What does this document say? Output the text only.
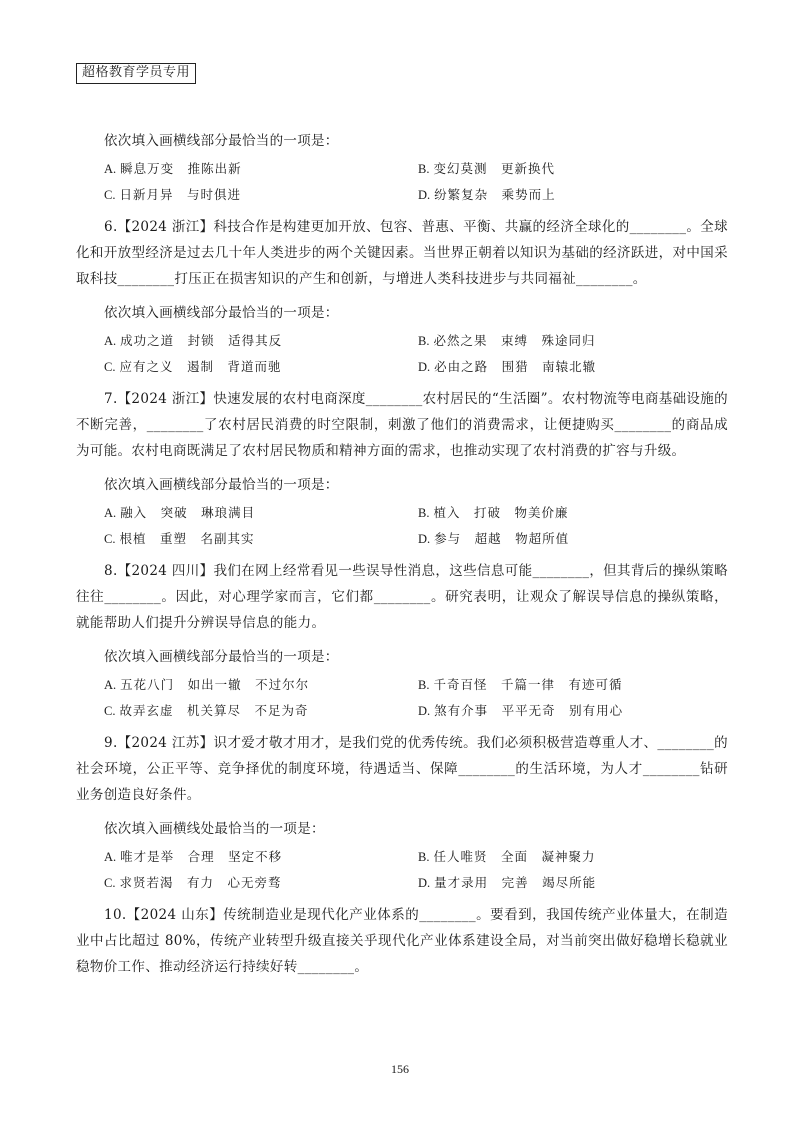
超格教育学员专用
依次填入画横线部分最恰当的一项是：
A. 瞬息万变　推陈出新	B. 变幻莫测　更新换代
C. 日新月异　与时俱进	D. 纷繁复杂　乘势而上

6.【2024 浙江】科技合作是构建更加开放、包容、普惠、平衡、共赢的经济全球化的________。全球化和开放型经济是过去几十年人类进步的两个关键因素。当世界正朝着以知识为基础的经济跃进，对中国采取科技________打压正在损害知识的产生和创新，与增进人类科技进步与共同福祉________。

依次填入画横线部分最恰当的一项是：
A. 成功之道　封锁　适得其反	B. 必然之果　束缚　殊途同归
C. 应有之义　遏制　背道而驰	D. 必由之路　围猎　南辕北辙

7.【2024 浙江】快速发展的农村电商深度________农村居民的“生活圈”。农村物流等电商基础设施的不断完善，________了农村居民消费的时空限制，刺激了他们的消费需求，让便捷购买________的商品成为可能。农村电商既满足了农村居民物质和精神方面的需求，也推动实现了农村消费的扩容与升级。

依次填入画横线部分最恰当的一项是：
A. 融入　突破　琳琅满目	B. 植入　打破　物美价廉
C. 根植　重塑　名副其实	D. 参与　超越　物超所值

8.【2024 四川】我们在网上经常看见一些误导性消息，这些信息可能________，但其背后的操纵策略往往________。因此，对心理学家而言，它们都________。研究表明，让观众了解误导信息的操纵策略，就能帮助人们提升分辨误导信息的能力。

依次填入画横线部分最恰当的一项是：
A. 五花八门　如出一辙　不过尔尔	B. 千奇百怪　千篇一律　有迹可循
C. 故弄玄虚　机关算尽　不足为奇	D. 煞有介事　平平无奇　别有用心

9.【2024 江苏】识才爱才敬才用才，是我们党的优秀传统。我们必须积极营造尊重人才、________的社会环境，公正平等、竞争择优的制度环境，待遇适当、保障________的生活环境，为人才________钻研业务创造良好条件。

依次填入画横线处最恰当的一项是：
A. 唯才是举　合理　坚定不移	B. 任人唯贤　全面　凝神聚力
C. 求贤若渴　有力　心无旁骛	D. 量才录用　完善　竭尽所能

10.【2024 山东】传统制造业是现代化产业体系的________。要看到，我国传统产业体量大，在制造业中占比超过 80%，传统产业转型升级直接关乎现代化产业体系建设全局，对当前突出做好稳增长稳就业稳物价工作、推动经济运行持续好转________。

156
